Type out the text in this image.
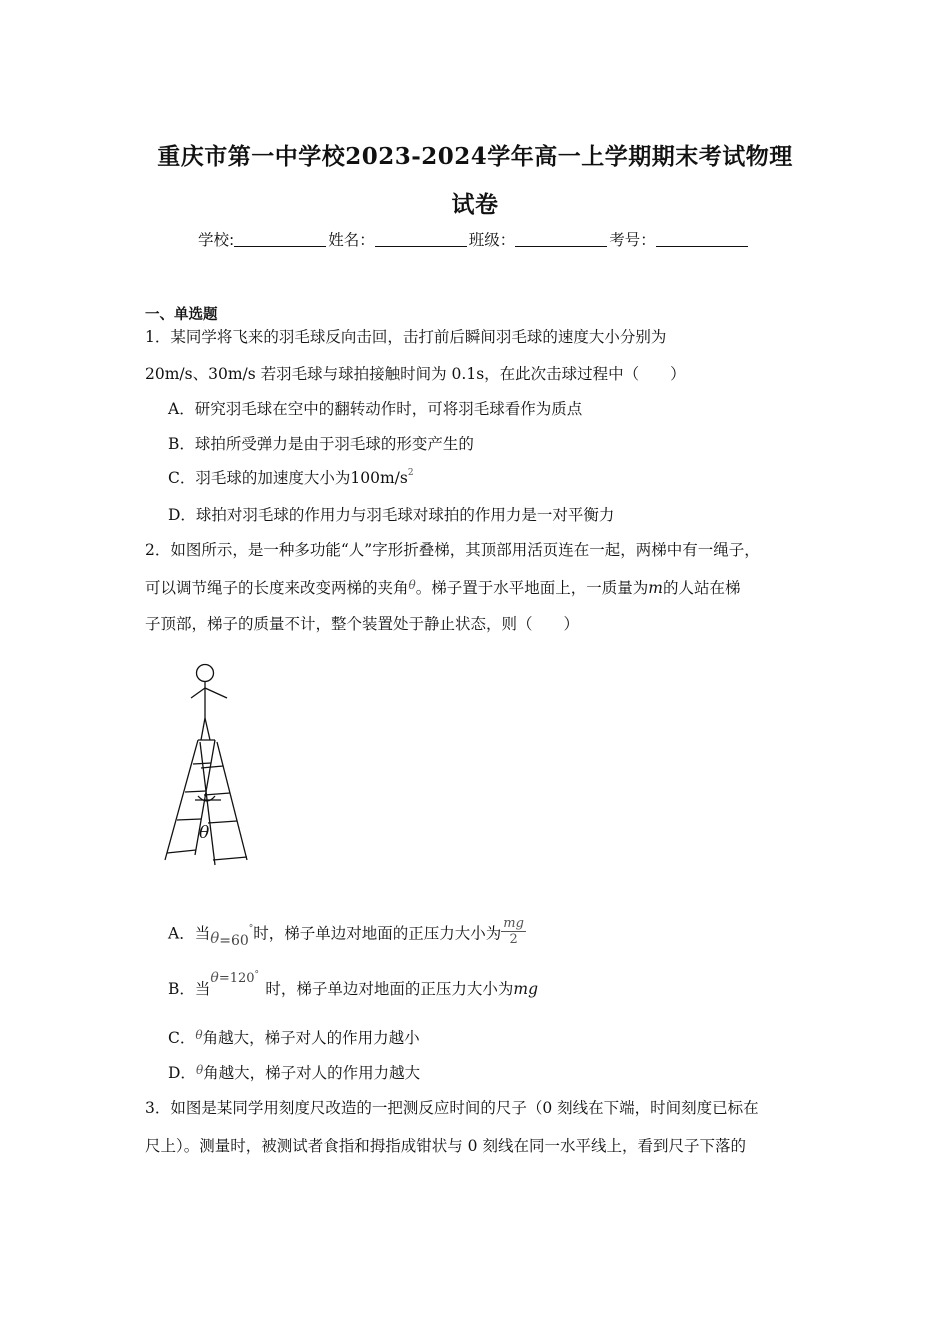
重庆市第一中学校2023-2024学年高一上学期期末考试物理
试卷
学校:	姓名：	班级：	考号：
一、单选题
1．某同学将飞来的羽毛球反向击回，击打前后瞬间羽毛球的速度大小分别为
20m/s、30m/s 若羽毛球与球拍接触时间为 0.1s，在此次击球过程中（　　）
A．研究羽毛球在空中的翻转动作时，可将羽毛球看作为质点
B．球拍所受弹力是由于羽毛球的形变产生的
C．羽毛球的加速度大小为$100m/s^2$
D．球拍对羽毛球的作用力与羽毛球对球拍的作用力是一对平衡力
2．如图所示，是一种多功能“人”字形折叠梯，其顶部用活页连在一起，两梯中有一绳子，
可以调节绳子的长度来改变两梯的夹角$^\theta$。梯子置于水平地面上，一质量为m的人站在梯
子顶部，梯子的质量不计，整个装置处于静止状态，则（　　）
θ
A．当θ=60°时，梯子单边对地面的正压力大小为 $\frac{mg}{2}$
B．当θ=120°时，梯子单边对地面的正压力大小为mg
C．$^\theta$角越大，梯子对人的作用力越小
D．$^\theta$角越大，梯子对人的作用力越大
3．如图是某同学用刻度尺改造的一把测反应时间的尺子（0 刻线在下端，时间刻度已标在
尺上）。测量时，被测试者食指和拇指成钳状与 0 刻线在同一水平线上，看到尺子下落的
